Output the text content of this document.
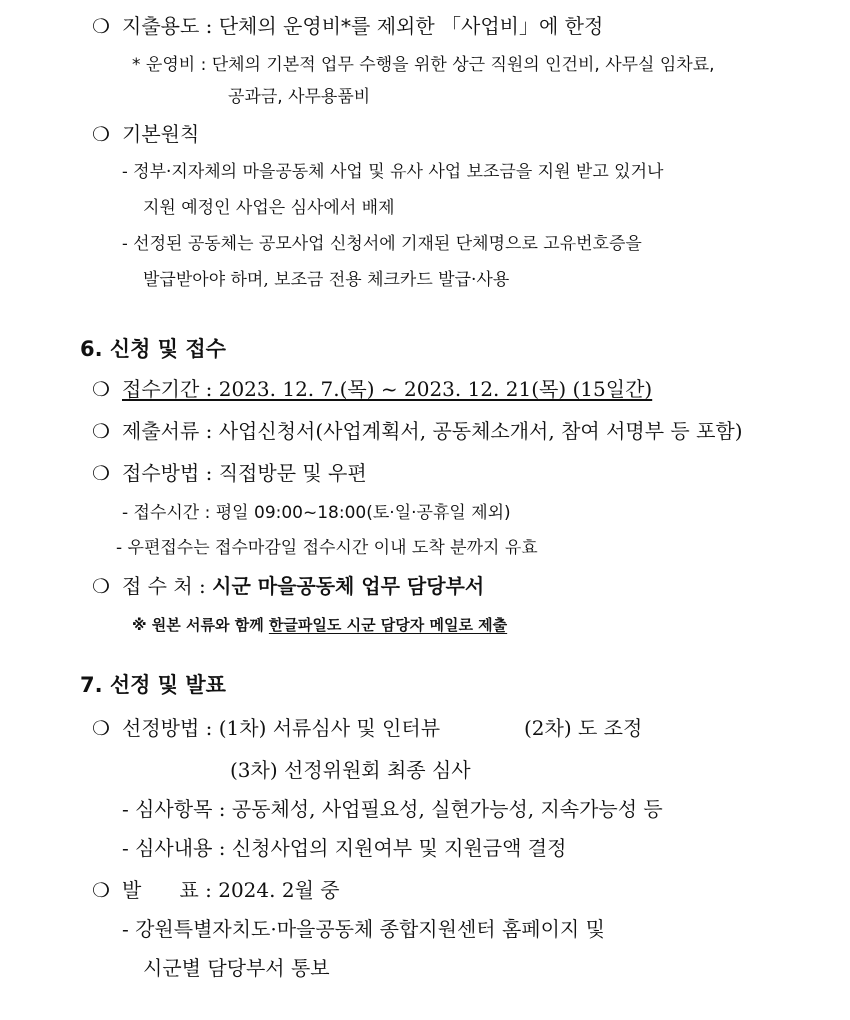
❍ 지출용도 : 단체의 운영비*를 제외한 「사업비」에 한정
* 운영비 : 단체의 기본적 업무 수행을 위한 상근 직원의 인건비, 사무실 임차료,
공과금, 사무용품비
❍ 기본원칙
- 정부·지자체의 마을공동체 사업 및 유사 사업 보조금을 지원 받고 있거나
지원 예정인 사업은 심사에서 배제
- 선정된 공동체는 공모사업 신청서에 기재된 단체명으로 고유번호증을
발급받아야 하며, 보조금 전용 체크카드 발급·사용
6. 신청 및 접수
❍ 접수기간 : 2023. 12. 7.(목) ~ 2023. 12. 21(목) (15일간)
❍ 제출서류 : 사업신청서(사업계획서, 공동체소개서, 참여 서명부 등 포함)
❍ 접수방법 : 직접방문 및 우편
- 접수시간 : 평일 09:00~18:00(토·일·공휴일 제외)
- 우편접수는 접수마감일 접수시간 이내 도착 분까지 유효
❍ 접 수 처 : 시군 마을공동체 업무 담당부서
※ 원본 서류와 함께 한글파일도 시군 담당자 메일로 제출
7. 선정 및 발표
❍ 선정방법 : (1차) 서류심사 및 인터뷰	(2차) 도 조정
(3차) 선정위원회 최종 심사
- 심사항목 : 공동체성, 사업필요성, 실현가능성, 지속가능성 등
- 심사내용 : 신청사업의 지원여부 및 지원금액 결정
❍ 발      표 : 2024. 2월 중
- 강원특별자치도·마을공동체 종합지원센터 홈페이지 및
시군별 담당부서 통보
